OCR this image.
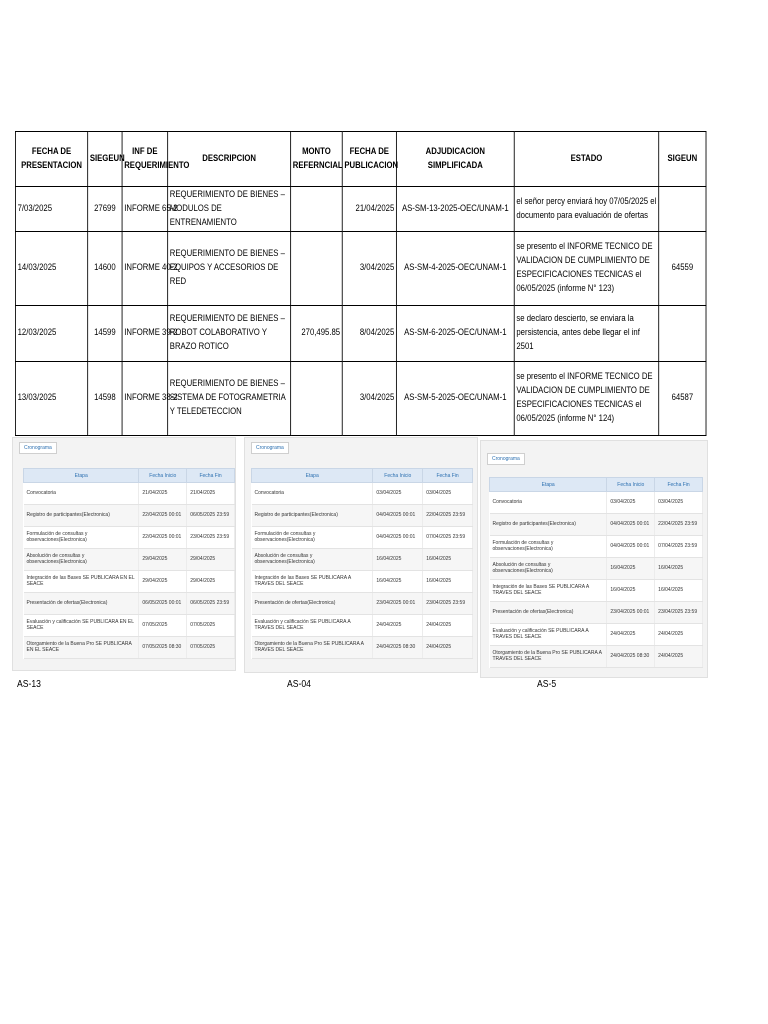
FECHA DE PRESENTACION	SIEGEUN	INF DE REQUERIMIENTO	DESCRIPCION	MONTO REFERNCIAL	FECHA DE PUBLICACION	ADJUDICACION SIMPLIFICADA	ESTADO	SIGEUN
7/03/2025	27699	INFORME 65-2	REQUERIMIENTO DE BIENES – MODULOS DE ENTRENAMIENTO		21/04/2025	AS-SM-13-2025-OEC/UNAM-1	el señor percy enviará hoy 07/05/2025 el documento para evaluación de ofertas	
14/03/2025	14600	INFORME 40-2	REQUERIMIENTO DE BIENES – EQUIPOS Y ACCESORIOS DE RED		3/04/2025	AS-SM-4-2025-OEC/UNAM-1	se presento el INFORME TECNICO DE VALIDACION DE CUMPLIMIENTO DE ESPECIFICACIONES TECNICAS el 06/05/2025 (informe N° 123)	64559
12/03/2025	14599	INFORME 39-2	REQUERIMIENTO DE BIENES – ROBOT COLABORATIVO Y BRAZO ROTICO	270,495.85	8/04/2025	AS-SM-6-2025-OEC/UNAM-1	se declaro descierto, se enviara la persistencia, antes debe llegar el inf 2501	
13/03/2025	14598	INFORME 38-2	REQUERIMIENTO DE BIENES – SISTEMA DE FOTOGRAMETRIA Y TELEDETECCION		3/04/2025	AS-SM-5-2025-OEC/UNAM-1	se presento el INFORME TECNICO DE VALIDACION DE CUMPLIMIENTO DE ESPECIFICACIONES TECNICAS el 06/05/2025 (informe N° 124)	64587
Cronograma
Etapa	Fecha Inicio	Fecha Fin
Convocatoria	21/04/2025	21/04/2025
Registro de participantes(Electronica)	22/04/2025 00:01	06/05/2025 23:59
Formulación de consultas y observaciones(Electronica)	22/04/2025 00:01	23/04/2025 23:59
Absolución de consultas y observaciones(Electronica)	29/04/2025	29/04/2025
Integración de las Bases SE PUBLICARA EN EL SEACE	29/04/2025	29/04/2025
Presentación de ofertas(Electronica)	06/05/2025 00:01	06/05/2025 23:59
Evaluación y calificación SE PUBLICARA EN EL SEACE	07/05/2025	07/05/2025
Otorgamiento de la Buena Pro SE PUBLICARA EN EL SEACE	07/05/2025 08:30	07/05/2025
Cronograma
Etapa	Fecha Inicio	Fecha Fin
Convocatoria	03/04/2025	03/04/2025
Registro de participantes(Electronica)	04/04/2025 00:01	22/04/2025 23:59
Formulación de consultas y observaciones(Electronica)	04/04/2025 00:01	07/04/2025 23:59
Absolución de consultas y observaciones(Electronica)	16/04/2025	16/04/2025
Integración de las Bases SE PUBLICARA A TRAVES DEL SEACE	16/04/2025	16/04/2025
Presentación de ofertas(Electronica)	23/04/2025 00:01	23/04/2025 23:59
Evaluación y calificación SE PUBLICARA A TRAVES DEL SEACE	24/04/2025	24/04/2025
Otorgamiento de la Buena Pro SE PUBLICARA A TRAVES DEL SEACE	24/04/2025 08:30	24/04/2025
Cronograma
Etapa	Fecha Inicio	Fecha Fin
Convocatoria	03/04/2025	03/04/2025
Registro de participantes(Electronica)	04/04/2025 00:01	22/04/2025 23:59
Formulación de consultas y observaciones(Electronica)	04/04/2025 00:01	07/04/2025 23:59
Absolución de consultas y observaciones(Electronica)	16/04/2025	16/04/2025
Integración de las Bases SE PUBLICARA A TRAVES DEL SEACE	16/04/2025	16/04/2025
Presentación de ofertas(Electronica)	23/04/2025 00:01	23/04/2025 23:59
Evaluación y calificación SE PUBLICARA A TRAVES DEL SEACE	24/04/2025	24/04/2025
Otorgamiento de la Buena Pro SE PUBLICARA A TRAVES DEL SEACE	24/04/2025 08:30	24/04/2025
AS-13	AS-04	AS-5
